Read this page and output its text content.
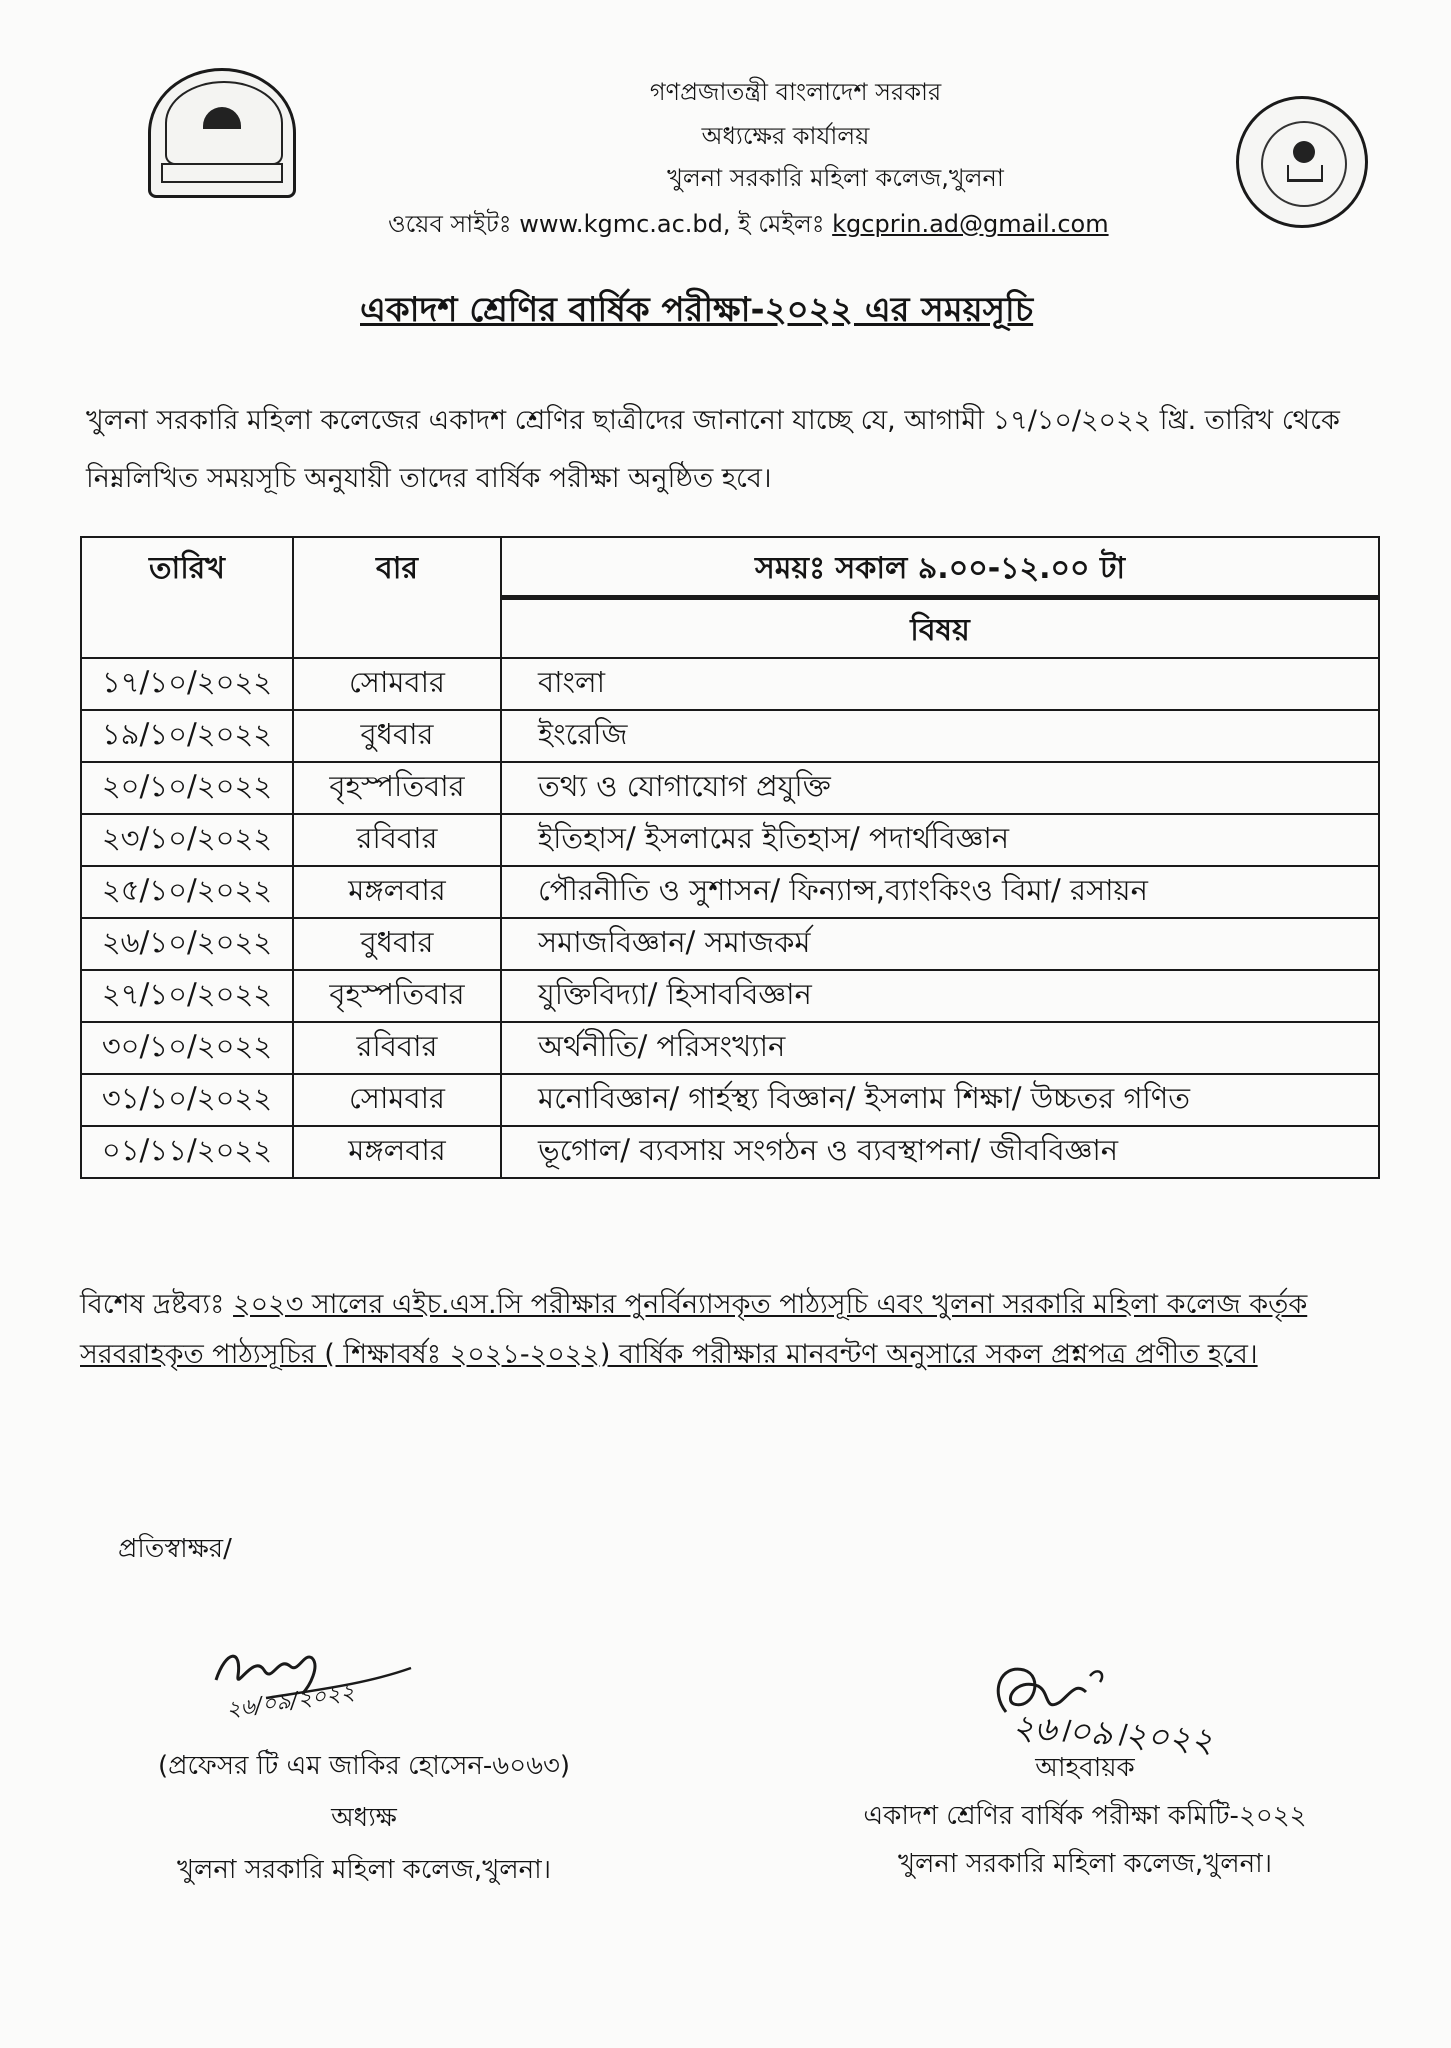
গণপ্রজাতন্ত্রী বাংলাদেশ সরকার
অধ্যক্ষের কার্যালয়
খুলনা সরকারি মহিলা কলেজ,খুলনা
ওয়েব সাইটঃ www.kgmc.ac.bd, ই মেইলঃ kgcprin.ad@gmail.com
একাদশ শ্রেণির বার্ষিক পরীক্ষা-২০২২ এর সময়সূচি
খুলনা সরকারি মহিলা কলেজের একাদশ শ্রেণির ছাত্রীদের জানানো যাচ্ছে যে, আগামী ১৭/১০/২০২২ খ্রি. তারিখ থেকে নিম্নলিখিত সময়সূচি অনুযায়ী তাদের বার্ষিক পরীক্ষা অনুষ্ঠিত হবে।
তারিখ	বার	সময়ঃ সকাল ৯.০০-১২.০০ টা
		বিষয়
১৭/১০/২০২২	সোমবার	বাংলা
১৯/১০/২০২২	বুধবার	ইংরেজি
২০/১০/২০২২	বৃহস্পতিবার	তথ্য ও যোগাযোগ প্রযুক্তি
২৩/১০/২০২২	রবিবার	ইতিহাস/ ইসলামের ইতিহাস/ পদার্থবিজ্ঞান
২৫/১০/২০২২	মঙ্গলবার	পৌরনীতি ও সুশাসন/ ফিন্যান্স,ব্যাংকিংও বিমা/ রসায়ন
২৬/১০/২০২২	বুধবার	সমাজবিজ্ঞান/ সমাজকর্ম
২৭/১০/২০২২	বৃহস্পতিবার	যুক্তিবিদ্যা/ হিসাববিজ্ঞান
৩০/১০/২০২২	রবিবার	অর্থনীতি/ পরিসংখ্যান
৩১/১০/২০২২	সোমবার	মনোবিজ্ঞান/ গার্হস্থ্য বিজ্ঞান/ ইসলাম শিক্ষা/ উচ্চতর গণিত
০১/১১/২০২২	মঙ্গলবার	ভূগোল/ ব্যবসায় সংগঠন ও ব্যবস্থাপনা/ জীববিজ্ঞান
বিশেষ দ্রষ্টব্যঃ ২০২৩ সালের এইচ.এস.সি পরীক্ষার পুনর্বিন্যাসকৃত পাঠ্যসূচি এবং খুলনা সরকারি মহিলা কলেজ কর্তৃক সরবরাহকৃত পাঠ্যসূচির ( শিক্ষাবর্ষঃ ২০২১-২০২২) বার্ষিক পরীক্ষার মানবন্টণ অনুসারে সকল প্রশ্নপত্র প্রণীত হবে।
প্রতিস্বাক্ষর/
২৬/০৯/২০২২
(প্রফেসর টি এম জাকির হোসেন-৬০৬৩)
অধ্যক্ষ
খুলনা সরকারি মহিলা কলেজ,খুলনা।
২৬।০৯।২০২২
আহবায়ক
একাদশ শ্রেণির বার্ষিক পরীক্ষা কমিটি-২০২২
খুলনা সরকারি মহিলা কলেজ,খুলনা।
